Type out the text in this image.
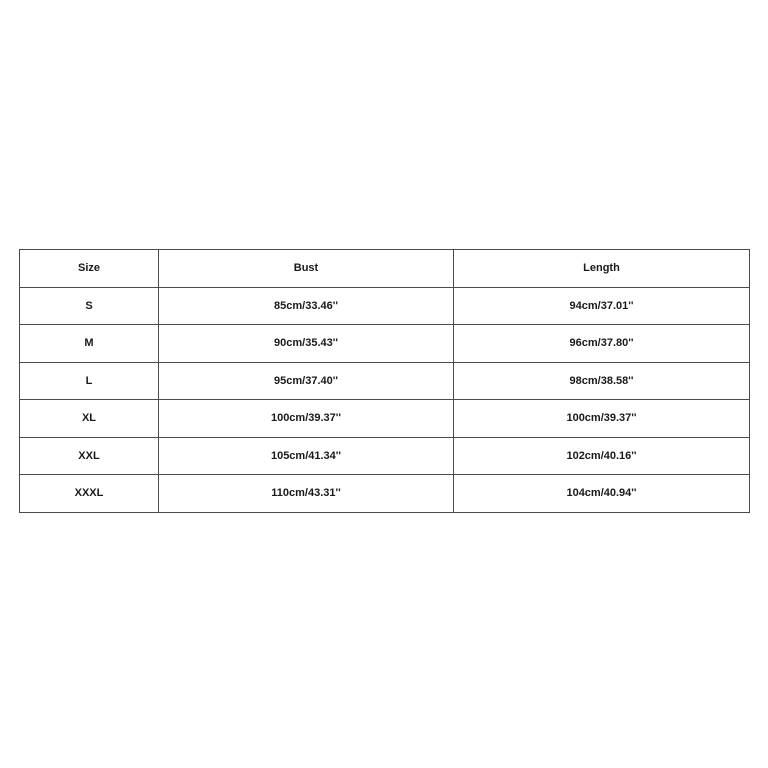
Size	Bust	Length
S	85cm/33.46''	94cm/37.01''
M	90cm/35.43''	96cm/37.80''
L	95cm/37.40''	98cm/38.58''
XL	100cm/39.37''	100cm/39.37''
XXL	105cm/41.34''	102cm/40.16''
XXXL	110cm/43.31''	104cm/40.94''
